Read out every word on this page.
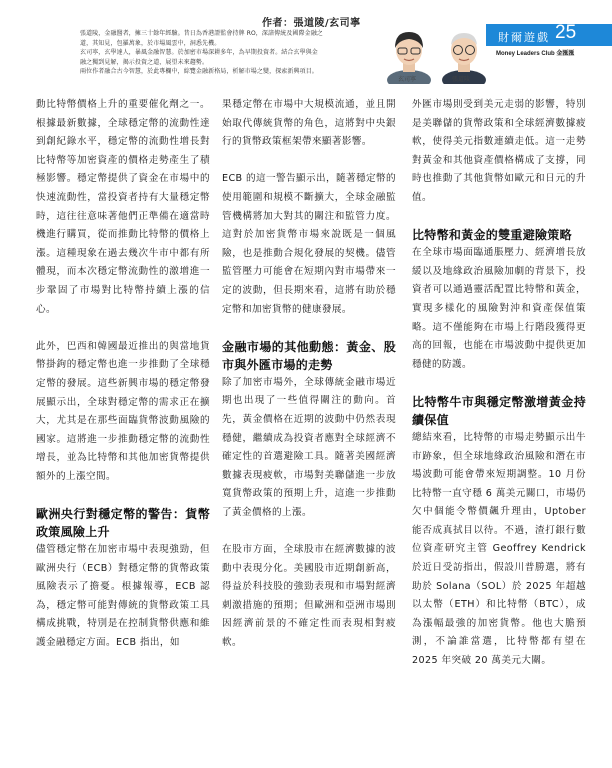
作者：張道陵/玄司寧

張道陵，金融醫者，擁三十餘年經驗。昔日為香港證監會持牌 RO，深諳傳統及國際金融之

道，其知見，包羅萬象，於市場風雲中，洞悉先機。

玄司寧，玄學達人，暴風金融智慧。於加密市場深耕多年，為早期投資者。結合玄學與金

融之獨到見解，揭示投資之道，展望未來趨勢。

兩位作者融合古今智慧，於此專欄中，綜覽金融新格局，析解市場之變，探索新興項目。

玄司寧	張道陵
財爾遊戲 25
Money Leaders Club 金匯匯

動比特幣價格上升的重要催化劑之一。根據最新數據，全球穩定幣的流動性達到創紀錄水平，穩定幣的流動性增長對比特幣等加密資產的價格走勢產生了積極影響。穩定幣提供了資金在市場中的快速流動性，當投資者持有大量穩定幣時，這往往意味著他們正準備在適當時機進行購買，從而推動比特幣的價格上漲。這種現象在過去幾次牛市中都有所體現，而本次穩定幣流動性的激增進一步鞏固了市場對比特幣持續上漲的信心。

此外，巴西和韓國最近推出的與當地貨幣掛鉤的穩定幣也進一步推動了全球穩定幣的發展。這些新興市場的穩定幣發展顯示出，全球對穩定幣的需求正在擴大，尤其是在那些面臨貨幣波動風險的國家。這將進一步推動穩定幣的流動性增長，並為比特幣和其他加密貨幣提供額外的上漲空間。

歐洲央行對穩定幣的警告：貨幣政策風險上升

儘管穩定幣在加密市場中表現強勁，但歐洲央行（ECB）對穩定幣的貨幣政策風險表示了擔憂。根據報導，ECB 認為，穩定幣可能對傳統的貨幣政策工具構成挑戰，特別是在控制貨幣供應和維護金融穩定方面。ECB 指出，如

果穩定幣在市場中大規模流通，並且開始取代傳統貨幣的角色，這將對中央銀行的貨幣政策框架帶來顯著影響。

ECB 的這一警告顯示出，隨著穩定幣的使用範圍和規模不斷擴大，全球金融監管機構將加大對其的關注和監管力度。這對於加密貨幣市場來說既是一個風險，也是推動合規化發展的契機。儘管監管壓力可能會在短期內對市場帶來一定的波動，但長期來看，這將有助於穩定幣和加密貨幣的健康發展。

金融市場的其他動態：黃金、股市與外匯市場的走勢

除了加密市場外，全球傳統金融市場近期也出現了一些值得關注的動向。首先，黃金價格在近期的波動中仍然表現穩健，繼續成為投資者應對全球經濟不確定性的首選避險工具。隨著美國經濟數據表現疲軟，市場對美聯儲進一步放寬貨幣政策的預期上升，這進一步推動了黃金價格的上漲。

在股市方面，全球股市在經濟數據的波動中表現分化。美國股市近期創新高，得益於科技股的強勁表現和市場對經濟刺激措施的預期；但歐洲和亞洲市場則因經濟前景的不確定性而表現相對疲軟。

外匯市場則受到美元走弱的影響，特別是美聯儲的貨幣政策和全球經濟數據疲軟，使得美元指數連續走低。這一走勢對黃金和其他資產價格構成了支撐，同時也推動了其他貨幣如歐元和日元的升值。

比特幣和黃金的雙重避險策略

在全球市場面臨通脹壓力、經濟增長放緩以及地緣政治風險加劇的背景下，投資者可以通過靈活配置比特幣和黃金，實現多樣化的風險對沖和資產保值策略。這不僅能夠在市場上行階段獲得更高的回報，也能在市場波動中提供更加穩健的防護。

比特幣牛市與穩定幣激增黃金持續保值

總結來看，比特幣的市場走勢顯示出牛市跡象，但全球地緣政治風險和潛在市場波動可能會帶來短期調整。10 月份比特幣一直守穩 6 萬美元關口，市場仍欠中個能令幣價飆升理由，Uptober 能否成真拭目以待。不過，渣打銀行數位資產研究主管 Geoffrey Kendrick 於近日受訪指出，假設川普勝選，將有助於 Solana（SOL）於 2025 年超越以太幣（ETH）和比特幣（BTC），成為漲幅最強的加密貨幣。他也大膽預測，不論誰當選，比特幣都有望在 2025 年突破 20 萬美元大關。
